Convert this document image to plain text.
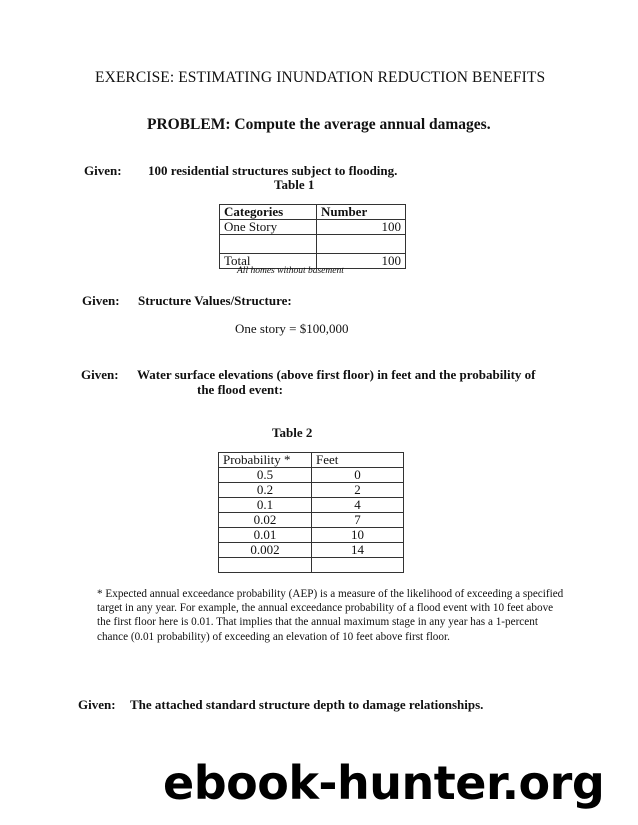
EXERCISE: ESTIMATING INUNDATION REDUCTION BENEFITS
PROBLEM: Compute the average annual damages.
Given: 100 residential structures subject to flooding.
Table 1
Categories	Number
One Story	100

Total	100
All homes without basement
Given: Structure Values/Structure:
One story = $100,000
Given: Water surface elevations (above first floor) in feet and the probability of
the flood event:
Table 2
Probability *	Feet
0.5	0
0.2	2
0.1	4
0.02	7
0.01	10
0.002	14

* Expected annual exceedance probability (AEP) is a measure of the likelihood of exceeding a specified target in any year. For example, the annual exceedance probability of a flood event with 10 feet above the first floor here is 0.01. That implies that the annual maximum stage in any year has a 1-percent chance (0.01 probability) of exceeding an elevation of 10 feet above first floor.
Given: The attached standard structure depth to damage relationships.
ebook-hunter.org
